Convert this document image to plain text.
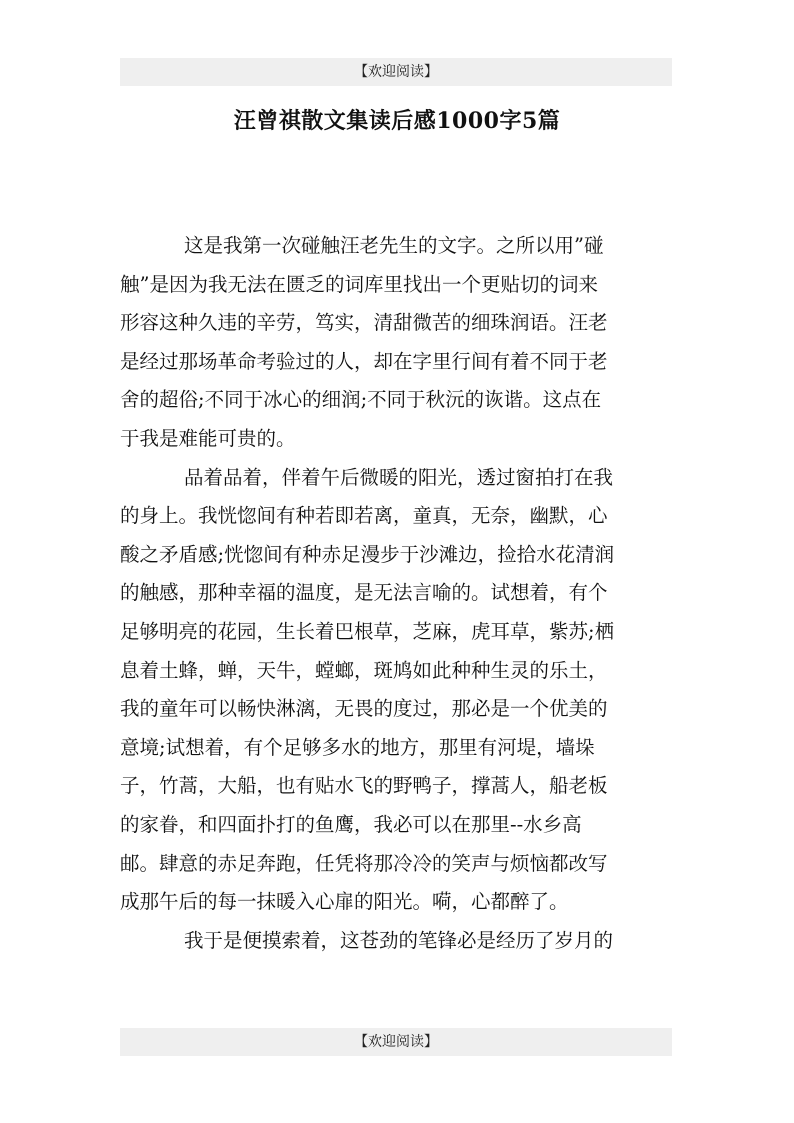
【欢迎阅读】
汪曾祺散文集读后感1000字5篇
这是我第一次碰触汪老先生的文字。之所以用”碰
触”是因为我无法在匮乏的词库里找出一个更贴切的词来
形容这种久违的辛劳，笃实，清甜微苦的细珠润语。汪老
是经过那场革命考验过的人，却在字里行间有着不同于老
舍的超俗;不同于冰心的细润;不同于秋沅的诙谐。这点在
于我是难能可贵的。
品着品着，伴着午后微暖的阳光，透过窗拍打在我
的身上。我恍惚间有种若即若离，童真，无奈，幽默，心
酸之矛盾感;恍惚间有种赤足漫步于沙滩边，捡拾水花清润
的触感，那种幸福的温度，是无法言喻的。试想着，有个
足够明亮的花园，生长着巴根草，芝麻，虎耳草，紫苏;栖
息着土蜂，蝉，天牛，螳螂，斑鸠如此种种生灵的乐土，
我的童年可以畅快淋漓，无畏的度过，那必是一个优美的
意境;试想着，有个足够多水的地方，那里有河堤，墙垛
子，竹蒿，大船，也有贴水飞的野鸭子，撑蒿人，船老板
的家眷，和四面扑打的鱼鹰，我必可以在那里--水乡高
邮。肆意的赤足奔跑，任凭将那冷冷的笑声与烦恼都改写
成那午后的每一抹暖入心扉的阳光。嗬，心都醉了。
我于是便摸索着，这苍劲的笔锋必是经历了岁月的
【欢迎阅读】
